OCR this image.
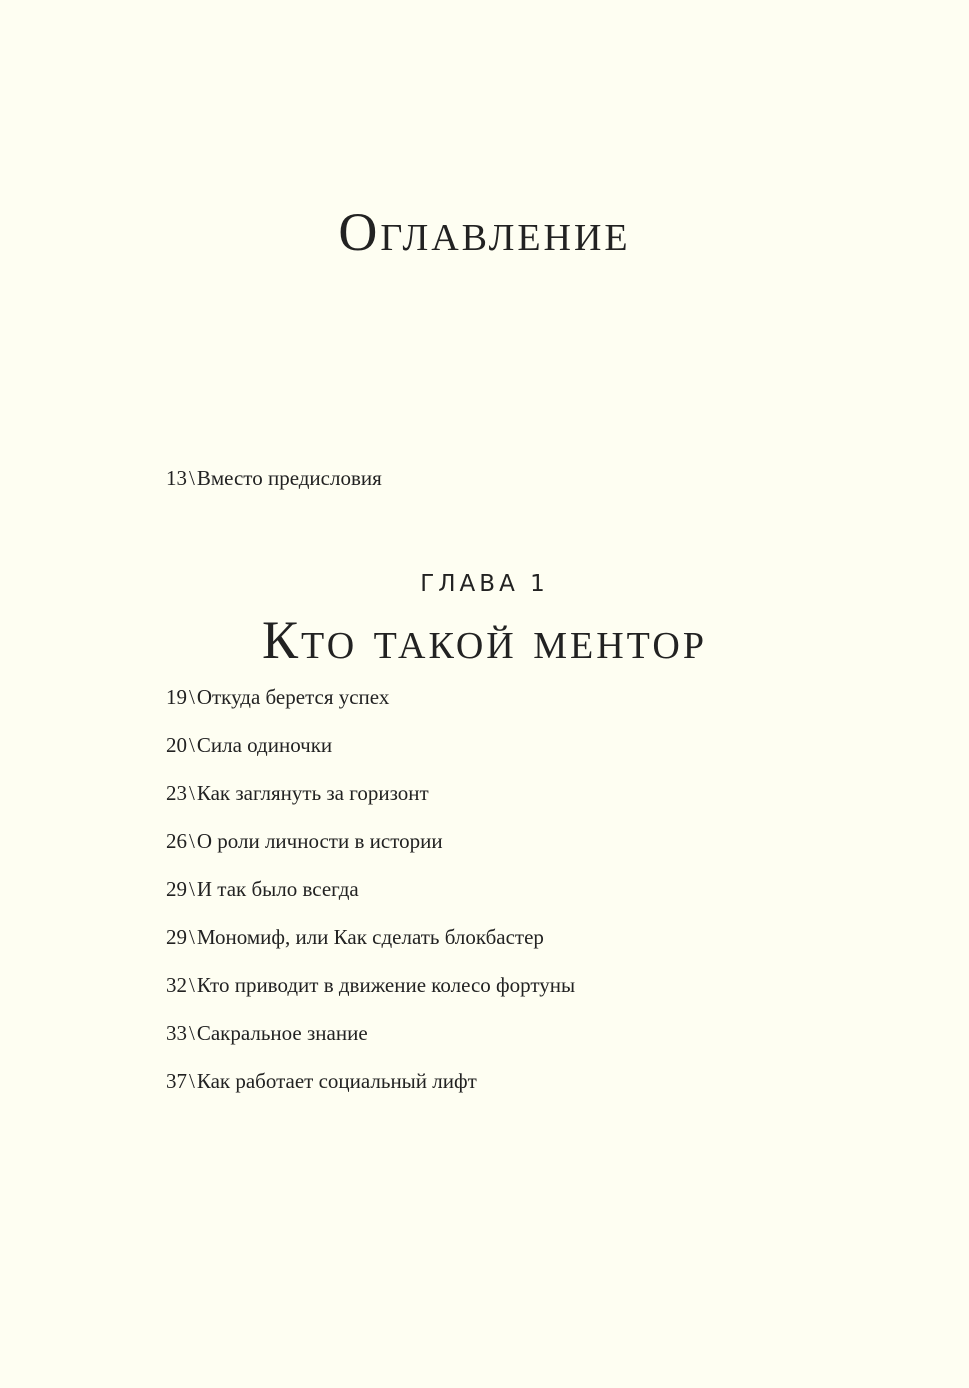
Оглавление
13\Вместо предисловия
ГЛАВА 1
Кто такой ментор
19\Откуда берется успех
20\Сила одиночки
23\Как заглянуть за горизонт
26\О роли личности в истории
29\И так было всегда
29\Мономиф, или Как сделать блокбастер
32\Кто приводит в движение колесо фортуны
33\Сакральное знание
37\Как работает социальный лифт
